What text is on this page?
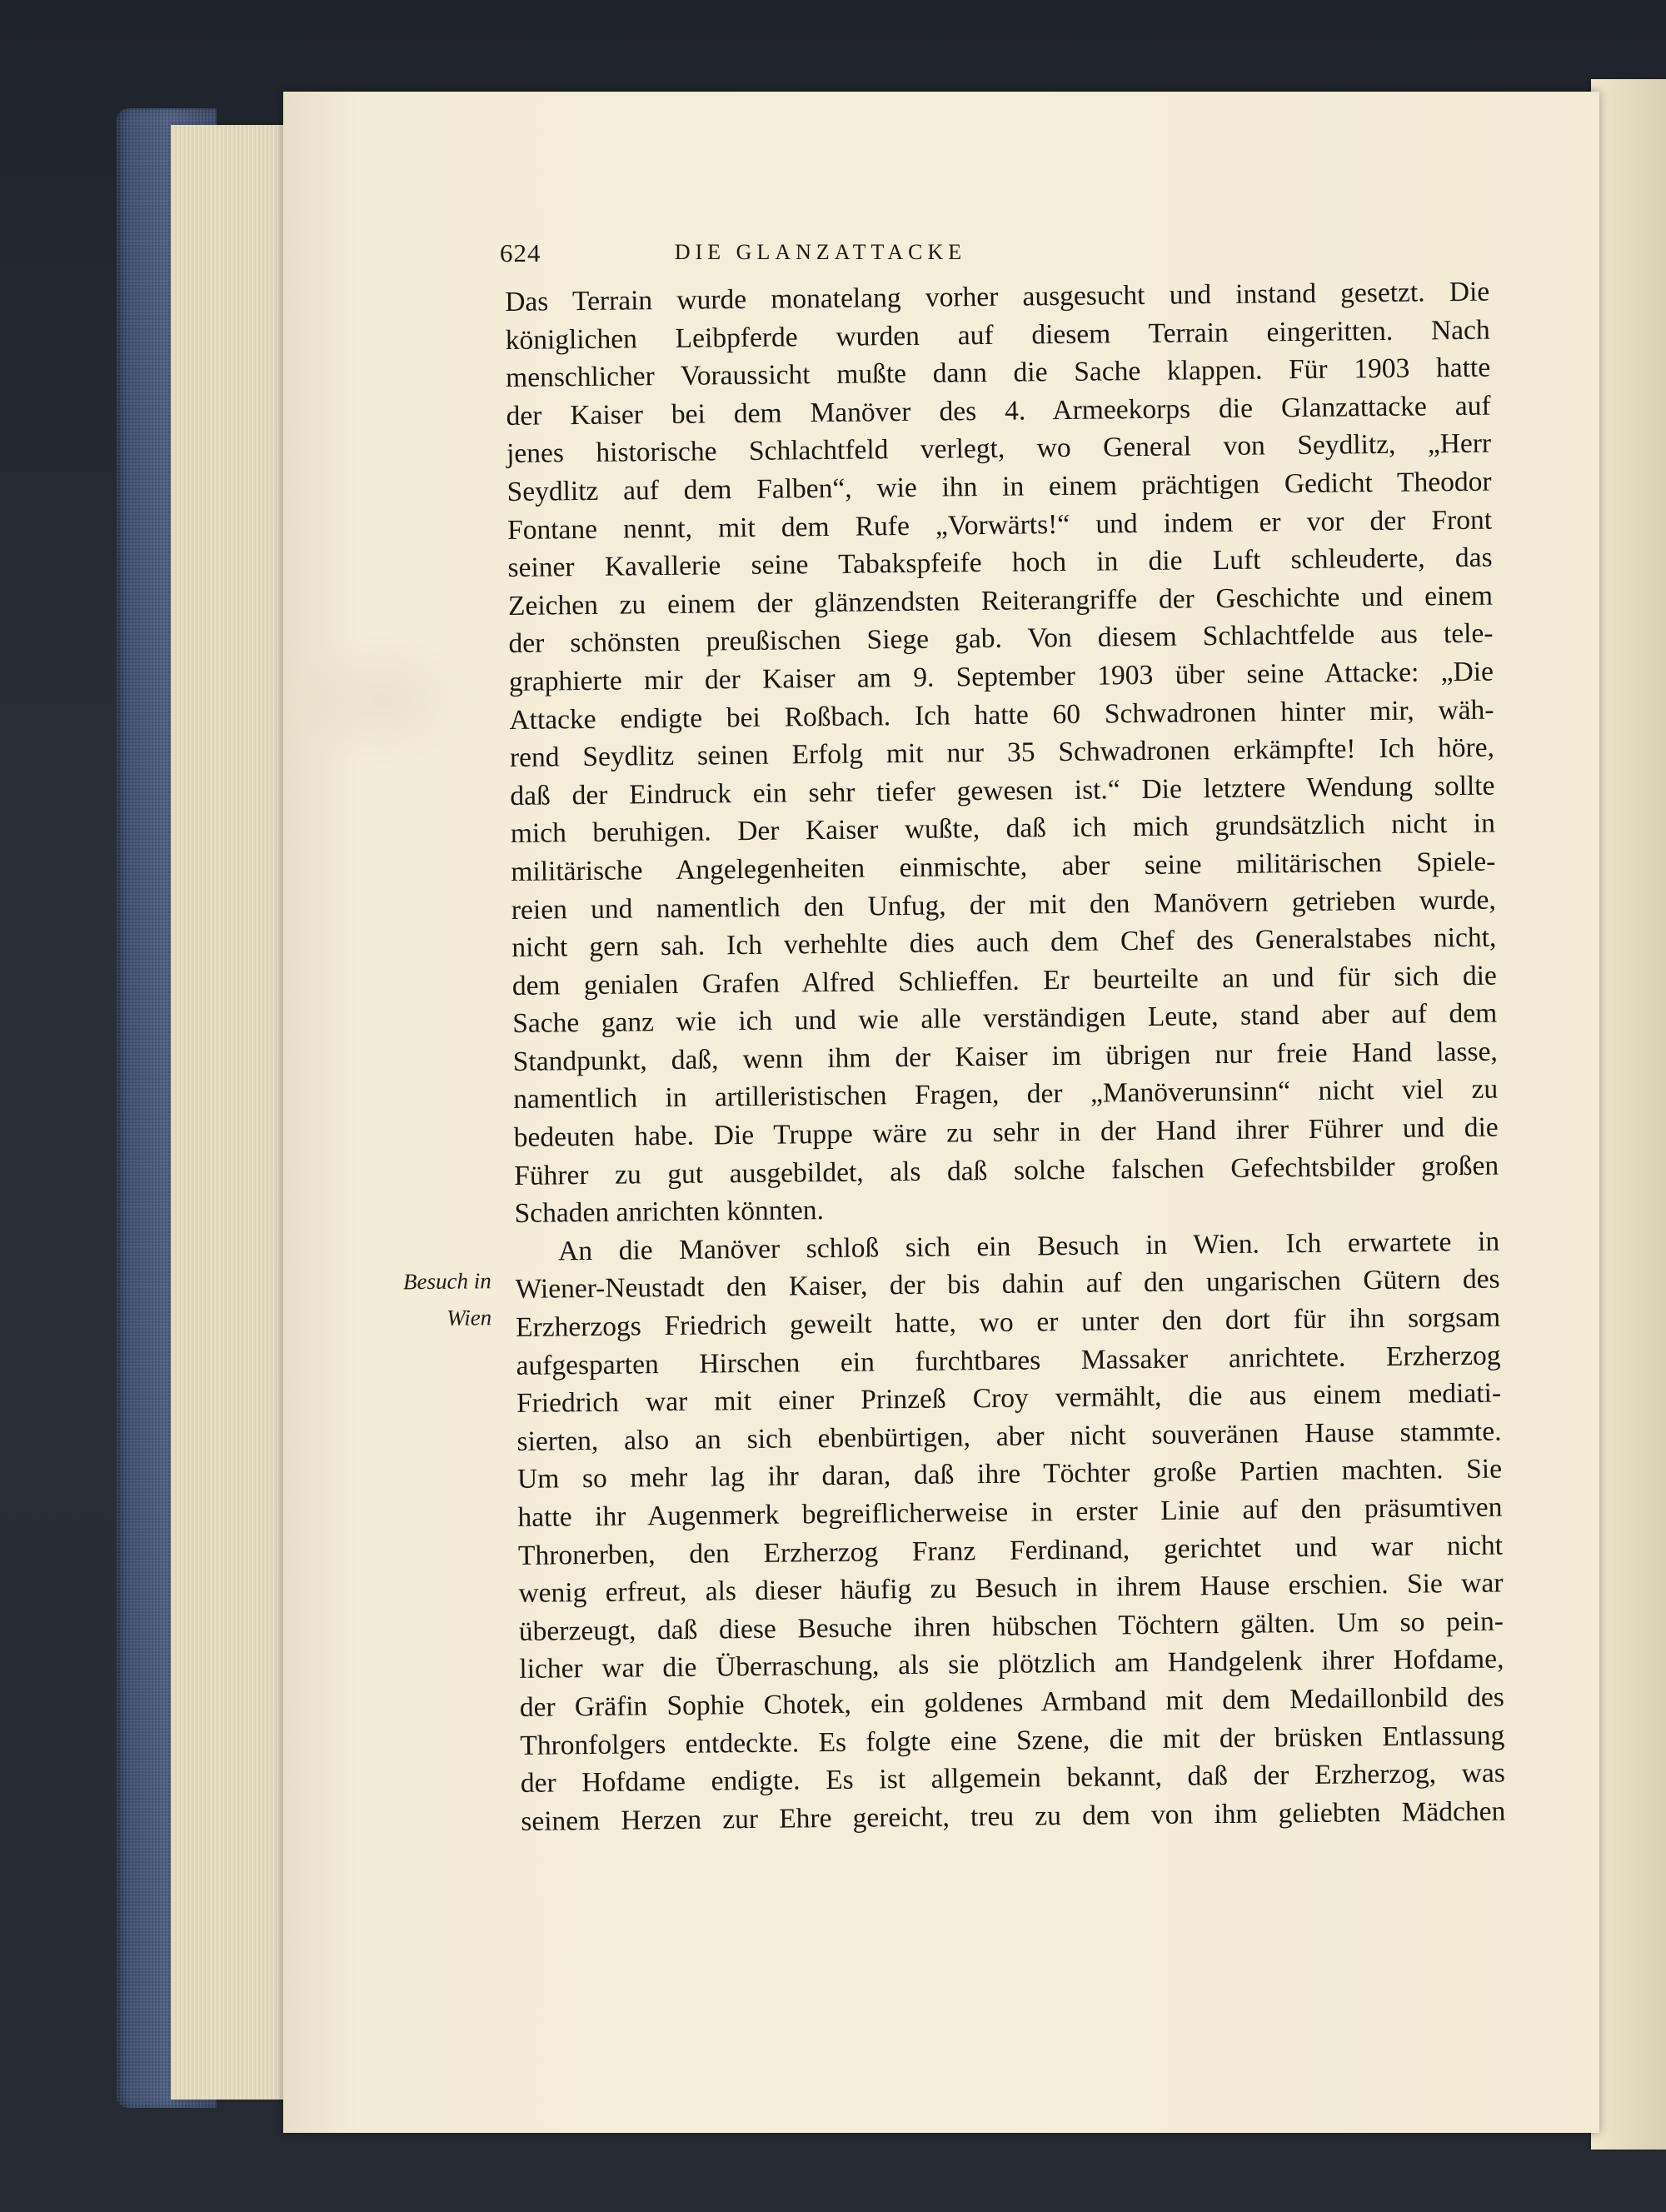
624	DIE GLANZATTACKE
Besuch in
Wien
Das Terrain wurde monatelang vorher ausgesucht und instand gesetzt. Die
königlichen Leibpferde wurden auf diesem Terrain eingeritten. Nach
menschlicher Voraussicht mußte dann die Sache klappen. Für 1903 hatte
der Kaiser bei dem Manöver des 4. Armeekorps die Glanzattacke auf
jenes historische Schlachtfeld verlegt, wo General von Seydlitz, „Herr
Seydlitz auf dem Falben“, wie ihn in einem prächtigen Gedicht Theodor
Fontane nennt, mit dem Rufe „Vorwärts!“ und indem er vor der Front
seiner Kavallerie seine Tabakspfeife hoch in die Luft schleuderte, das
Zeichen zu einem der glänzendsten Reiterangriffe der Geschichte und einem
der schönsten preußischen Siege gab. Von diesem Schlachtfelde aus tele-
graphierte mir der Kaiser am 9. September 1903 über seine Attacke: „Die
Attacke endigte bei Roßbach. Ich hatte 60 Schwadronen hinter mir, wäh-
rend Seydlitz seinen Erfolg mit nur 35 Schwadronen erkämpfte! Ich höre,
daß der Eindruck ein sehr tiefer gewesen ist.“ Die letztere Wendung sollte
mich beruhigen. Der Kaiser wußte, daß ich mich grundsätzlich nicht in
militärische Angelegenheiten einmischte, aber seine militärischen Spiele-
reien und namentlich den Unfug, der mit den Manövern getrieben wurde,
nicht gern sah. Ich verhehlte dies auch dem Chef des Generalstabes nicht,
dem genialen Grafen Alfred Schlieffen. Er beurteilte an und für sich die
Sache ganz wie ich und wie alle verständigen Leute, stand aber auf dem
Standpunkt, daß, wenn ihm der Kaiser im übrigen nur freie Hand lasse,
namentlich in artilleristischen Fragen, der „Manöverunsinn“ nicht viel zu
bedeuten habe. Die Truppe wäre zu sehr in der Hand ihrer Führer und die
Führer zu gut ausgebildet, als daß solche falschen Gefechtsbilder großen
Schaden anrichten könnten.
An die Manöver schloß sich ein Besuch in Wien. Ich erwartete in
Wiener-Neustadt den Kaiser, der bis dahin auf den ungarischen Gütern des
Erzherzogs Friedrich geweilt hatte, wo er unter den dort für ihn sorgsam
aufgesparten Hirschen ein furchtbares Massaker anrichtete. Erzherzog
Friedrich war mit einer Prinzeß Croy vermählt, die aus einem mediati-
sierten, also an sich ebenbürtigen, aber nicht souveränen Hause stammte.
Um so mehr lag ihr daran, daß ihre Töchter große Partien machten. Sie
hatte ihr Augenmerk begreiflicherweise in erster Linie auf den präsumtiven
Thronerben, den Erzherzog Franz Ferdinand, gerichtet und war nicht
wenig erfreut, als dieser häufig zu Besuch in ihrem Hause erschien. Sie war
überzeugt, daß diese Besuche ihren hübschen Töchtern gälten. Um so pein-
licher war die Überraschung, als sie plötzlich am Handgelenk ihrer Hofdame,
der Gräfin Sophie Chotek, ein goldenes Armband mit dem Medaillonbild des
Thronfolgers entdeckte. Es folgte eine Szene, die mit der brüsken Entlassung
der Hofdame endigte. Es ist allgemein bekannt, daß der Erzherzog, was
seinem Herzen zur Ehre gereicht, treu zu dem von ihm geliebten Mädchen
